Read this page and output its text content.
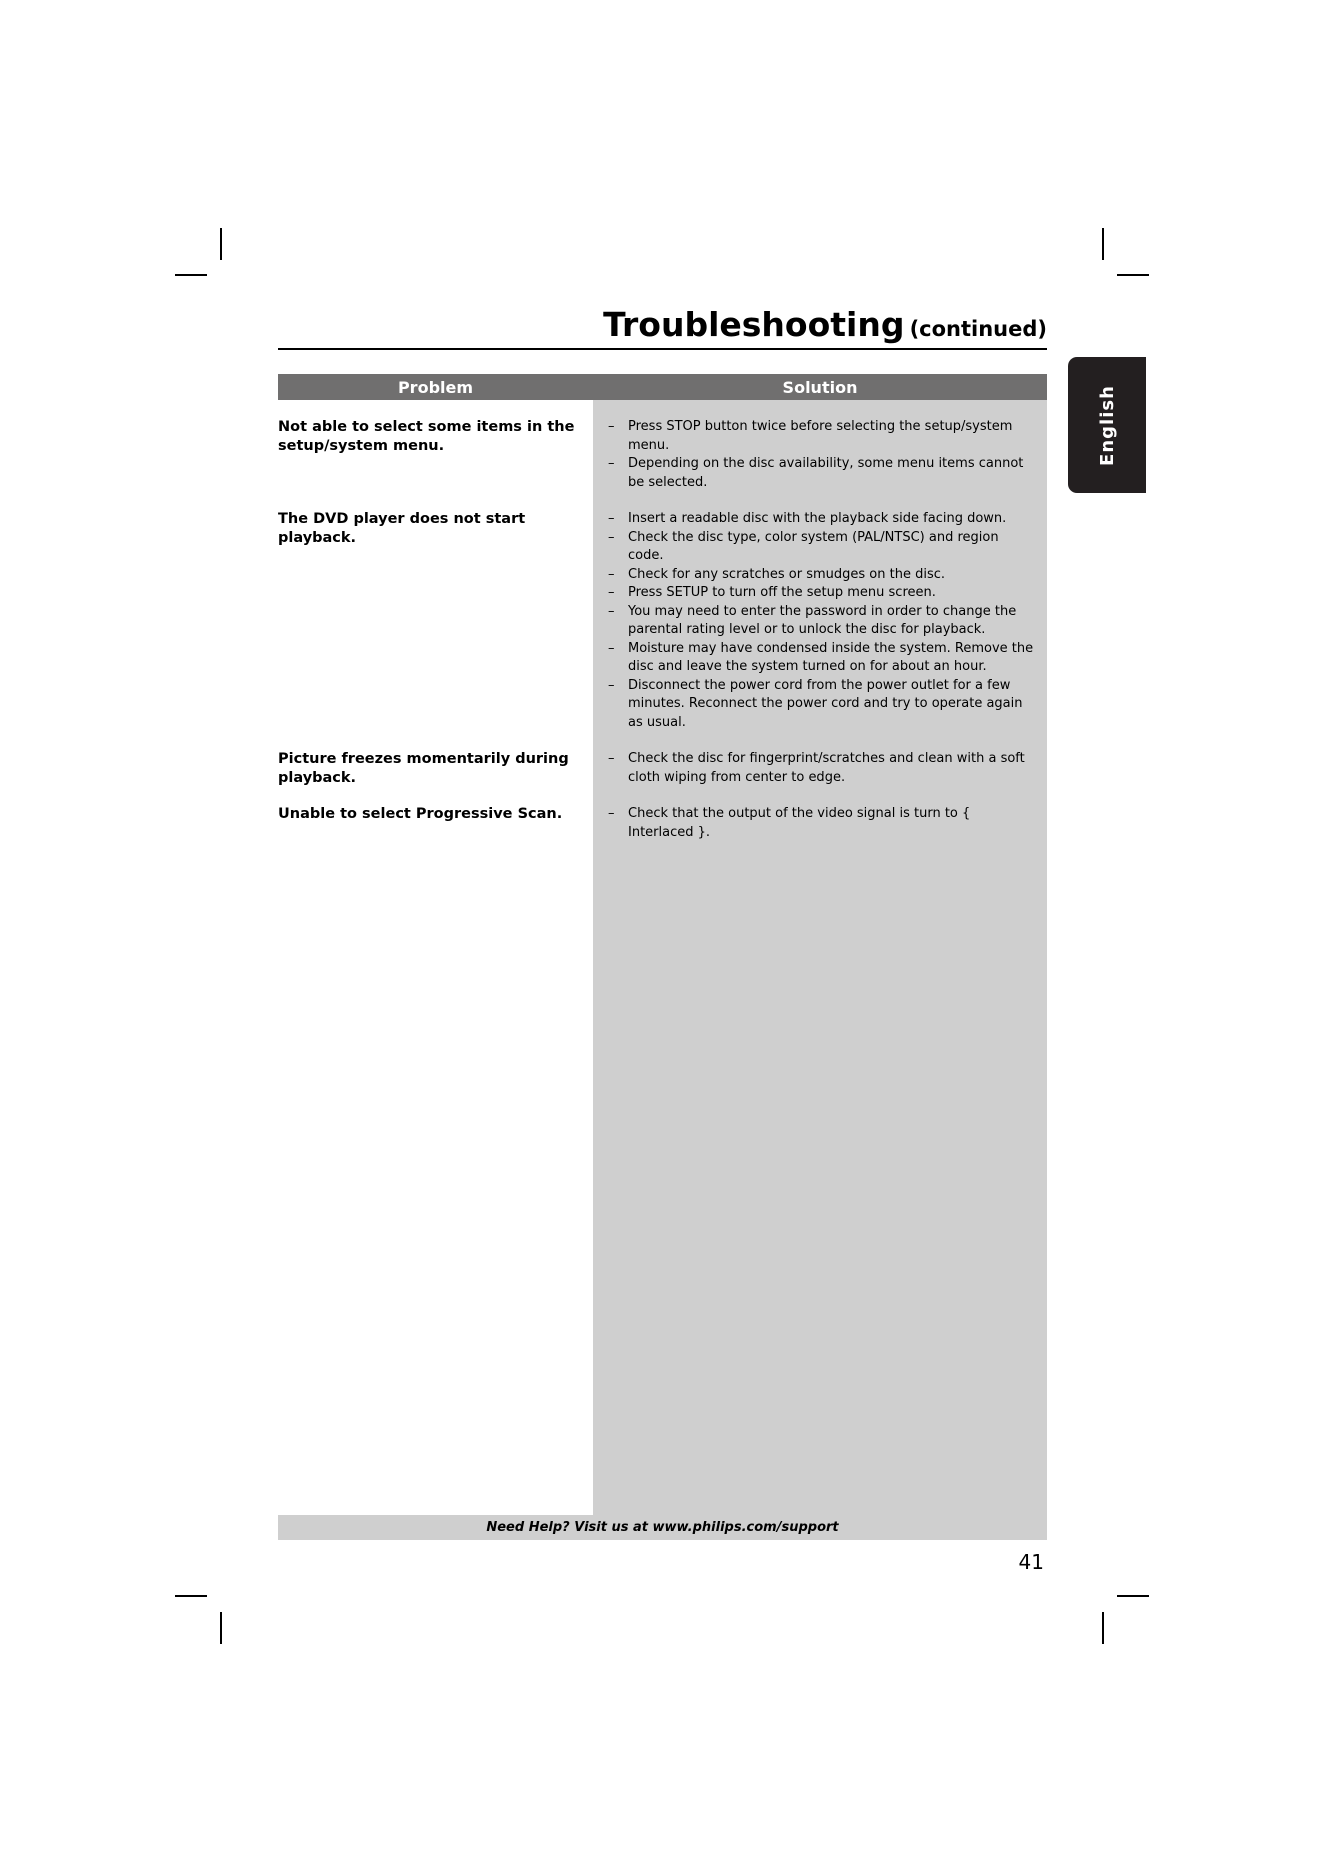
Troubleshooting (continued)
English
Problem	Solution
Not able to select some items in the setup/system menu.
– Press STOP button twice before selecting the setup/system menu.
– Depending on the disc availability, some menu items cannot be selected.
The DVD player does not start playback.
– Insert a readable disc with the playback side facing down.
– Check the disc type, color system (PAL/NTSC) and region code.
– Check for any scratches or smudges on the disc.
– Press SETUP to turn off the setup menu screen.
– You may need to enter the password in order to change the parental rating level or to unlock the disc for playback.
– Moisture may have condensed inside the system. Remove the disc and leave the system turned on for about an hour.
– Disconnect the power cord from the power outlet for a few minutes. Reconnect the power cord and try to operate again as usual.
Picture freezes momentarily during playback.
– Check the disc for fingerprint/scratches and clean with a soft cloth wiping from center to edge.
Unable to select Progressive Scan.
–	Check that the output of the video signal is turn to { Interlaced }.
Need Help? Visit us at www.philips.com/support
41
